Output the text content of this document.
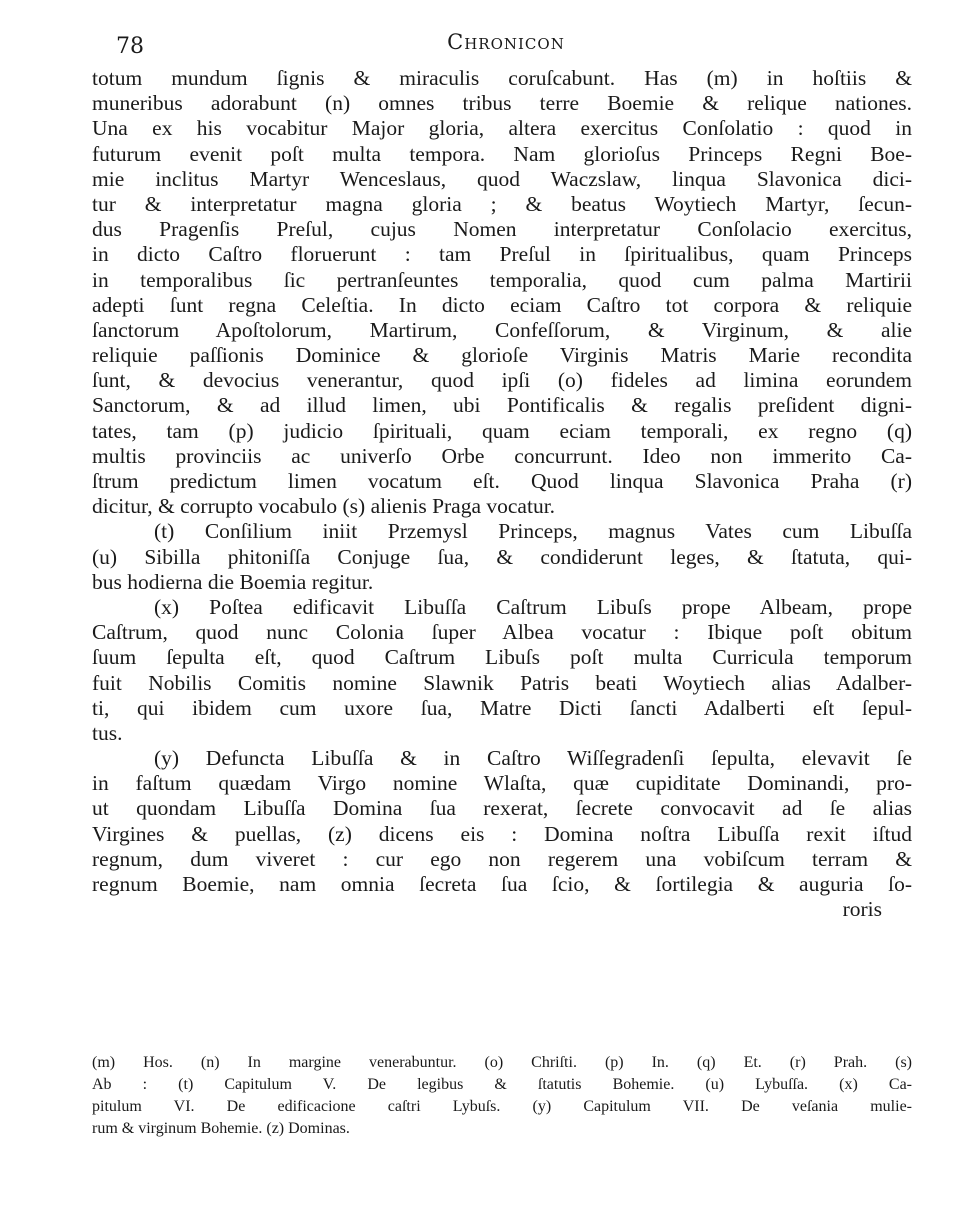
78	Chronicon
totum mundum ſignis & miraculis coruſcabunt. Has (m) in hoſtiis &
muneribus adorabunt (n) omnes tribus terre Boemie & relique nationes.
Una ex his vocabitur Major gloria, altera exercitus Conſolatio : quod in
futurum evenit poſt multa tempora. Nam glorioſus Princeps Regni Boe-
mie inclitus Martyr Wenceslaus, quod Waczslaw, linqua Slavonica dici-
tur & interpretatur magna gloria ; & beatus Woytiech Martyr, ſecun-
dus Pragenſis Preſul, cujus Nomen interpretatur Conſolacio exercitus,
in dicto Caſtro floruerunt : tam Preſul in ſpiritualibus, quam Princeps
in temporalibus ſic pertranſeuntes temporalia, quod cum palma Martirii
adepti ſunt regna Celeſtia. In dicto eciam Caſtro tot corpora & reliquie
ſanctorum Apoſtolorum, Martirum, Confeſſorum, & Virginum, & alie
reliquie paſſionis Dominice & glorioſe Virginis Matris Marie recondita
ſunt, & devocius venerantur, quod ipſi (o) fideles ad limina eorundem
Sanctorum, & ad illud limen, ubi Pontificalis & regalis preſident digni-
tates, tam (p) judicio ſpirituali, quam eciam temporali, ex regno (q)
multis provinciis ac univerſo Orbe concurrunt. Ideo non immerito Ca-
ſtrum predictum limen vocatum eſt. Quod linqua Slavonica Praha (r)
dicitur, & corrupto vocabulo (s) alienis Praga vocatur.
(t) Conſilium iniit Przemysl Princeps, magnus Vates cum Libuſſa
(u) Sibilla phitoniſſa Conjuge ſua, & condiderunt leges, & ſtatuta, qui-
bus hodierna die Boemia regitur.
(x) Poſtea edificavit Libuſſa Caſtrum Libuſs prope Albeam, prope
Caſtrum, quod nunc Colonia ſuper Albea vocatur : Ibique poſt obitum
ſuum ſepulta eſt, quod Caſtrum Libuſs poſt multa Curricula temporum
fuit Nobilis Comitis nomine Slawnik Patris beati Woytiech alias Adalber-
ti, qui ibidem cum uxore ſua, Matre Dicti ſancti Adalberti eſt ſepul-
tus.
(y) Defuncta Libuſſa & in Caſtro Wiſſegradenſi ſepulta, elevavit ſe
in faſtum quædam Virgo nomine Wlaſta, quæ cupiditate Dominandi, pro-
ut quondam Libuſſa Domina ſua rexerat, ſecrete convocavit ad ſe alias
Virgines & puellas, (z) dicens eis : Domina noſtra Libuſſa rexit iſtud
regnum, dum viveret : cur ego non regerem una vobiſcum terram &
regnum Boemie, nam omnia ſecreta ſua ſcio, & ſortilegia & auguria ſo-
roris
(m) Hos. (n) In margine venerabuntur. (o) Chriſti. (p) In. (q) Et. (r) Prah. (s)
Ab : (t) Capitulum V. De legibus & ſtatutis Bohemie. (u) Lybuſſa. (x) Ca-
pitulum VI. De edificacione caſtri Lybuſs. (y) Capitulum VII. De veſania mulie-
rum & virginum Bohemie. (z) Dominas.
